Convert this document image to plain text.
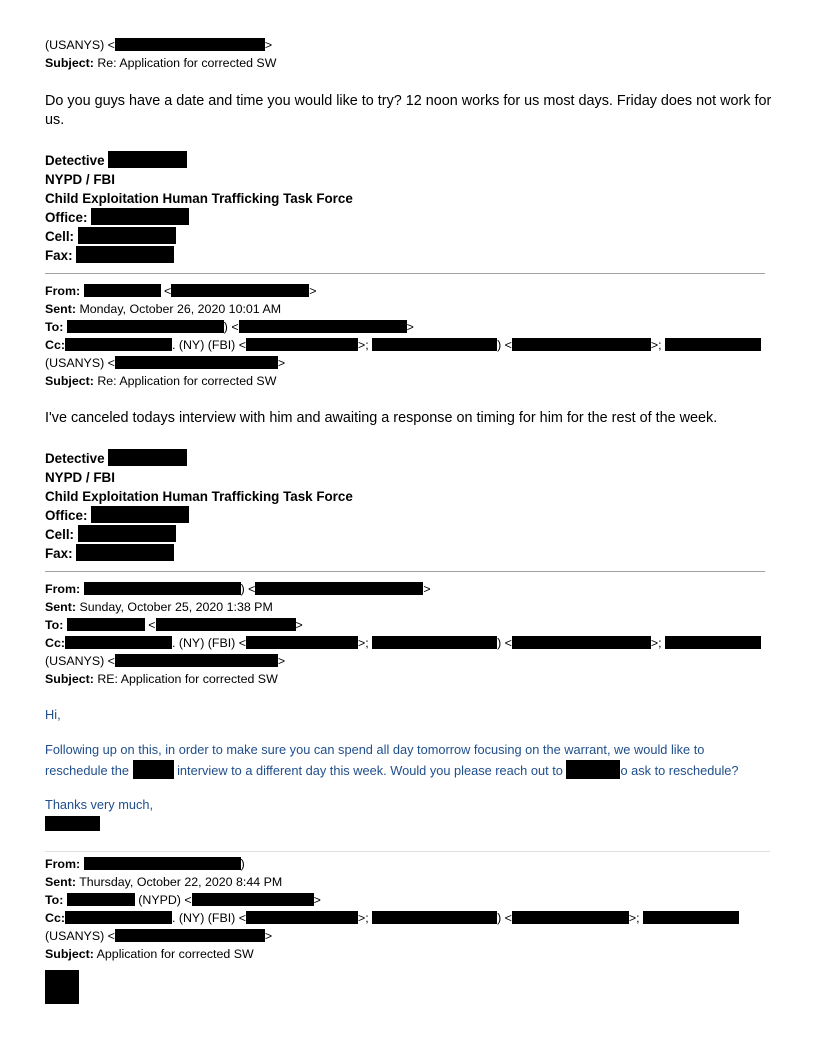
(USANYS) <	>
Subject: Re: Application for corrected SW
Do you guys have a date and time you would like to try? 12 noon works for us most days. Friday does not work for us.
Detective
NYPD / FBI
Child Exploitation Human Trafficking Task Force
Office:
Cell:
Fax:
From:	<	>
Sent: Monday, October 26, 2020 10:01 AM
To:	) <	>
Cc:	. (NY) (FBI) <	>;	) <	>;
(USANYS) <	>
Subject: Re: Application for corrected SW
I've canceled todays interview with him and awaiting a response on timing for him for the rest of the week.
Detective
NYPD / FBI
Child Exploitation Human Trafficking Task Force
Office:
Cell:
Fax:
From:	) <	>
Sent: Sunday, October 25, 2020 1:38 PM
To:	<	>
Cc:	. (NY) (FBI) <	>;	) <	>;
(USANYS) <	>
Subject: RE: Application for corrected SW
Hi,
Following up on this, in order to make sure you can spend all day tomorrow focusing on the warrant, we would like to
reschedule the	interview to a different day this week. Would you please reach out to	o ask to reschedule?
Thanks very much,
From:	)
Sent: Thursday, October 22, 2020 8:44 PM
To:	(NYPD) <	>
Cc:	. (NY) (FBI) <	>;	) <	>;
(USANYS) <	>
Subject: Application for corrected SW
